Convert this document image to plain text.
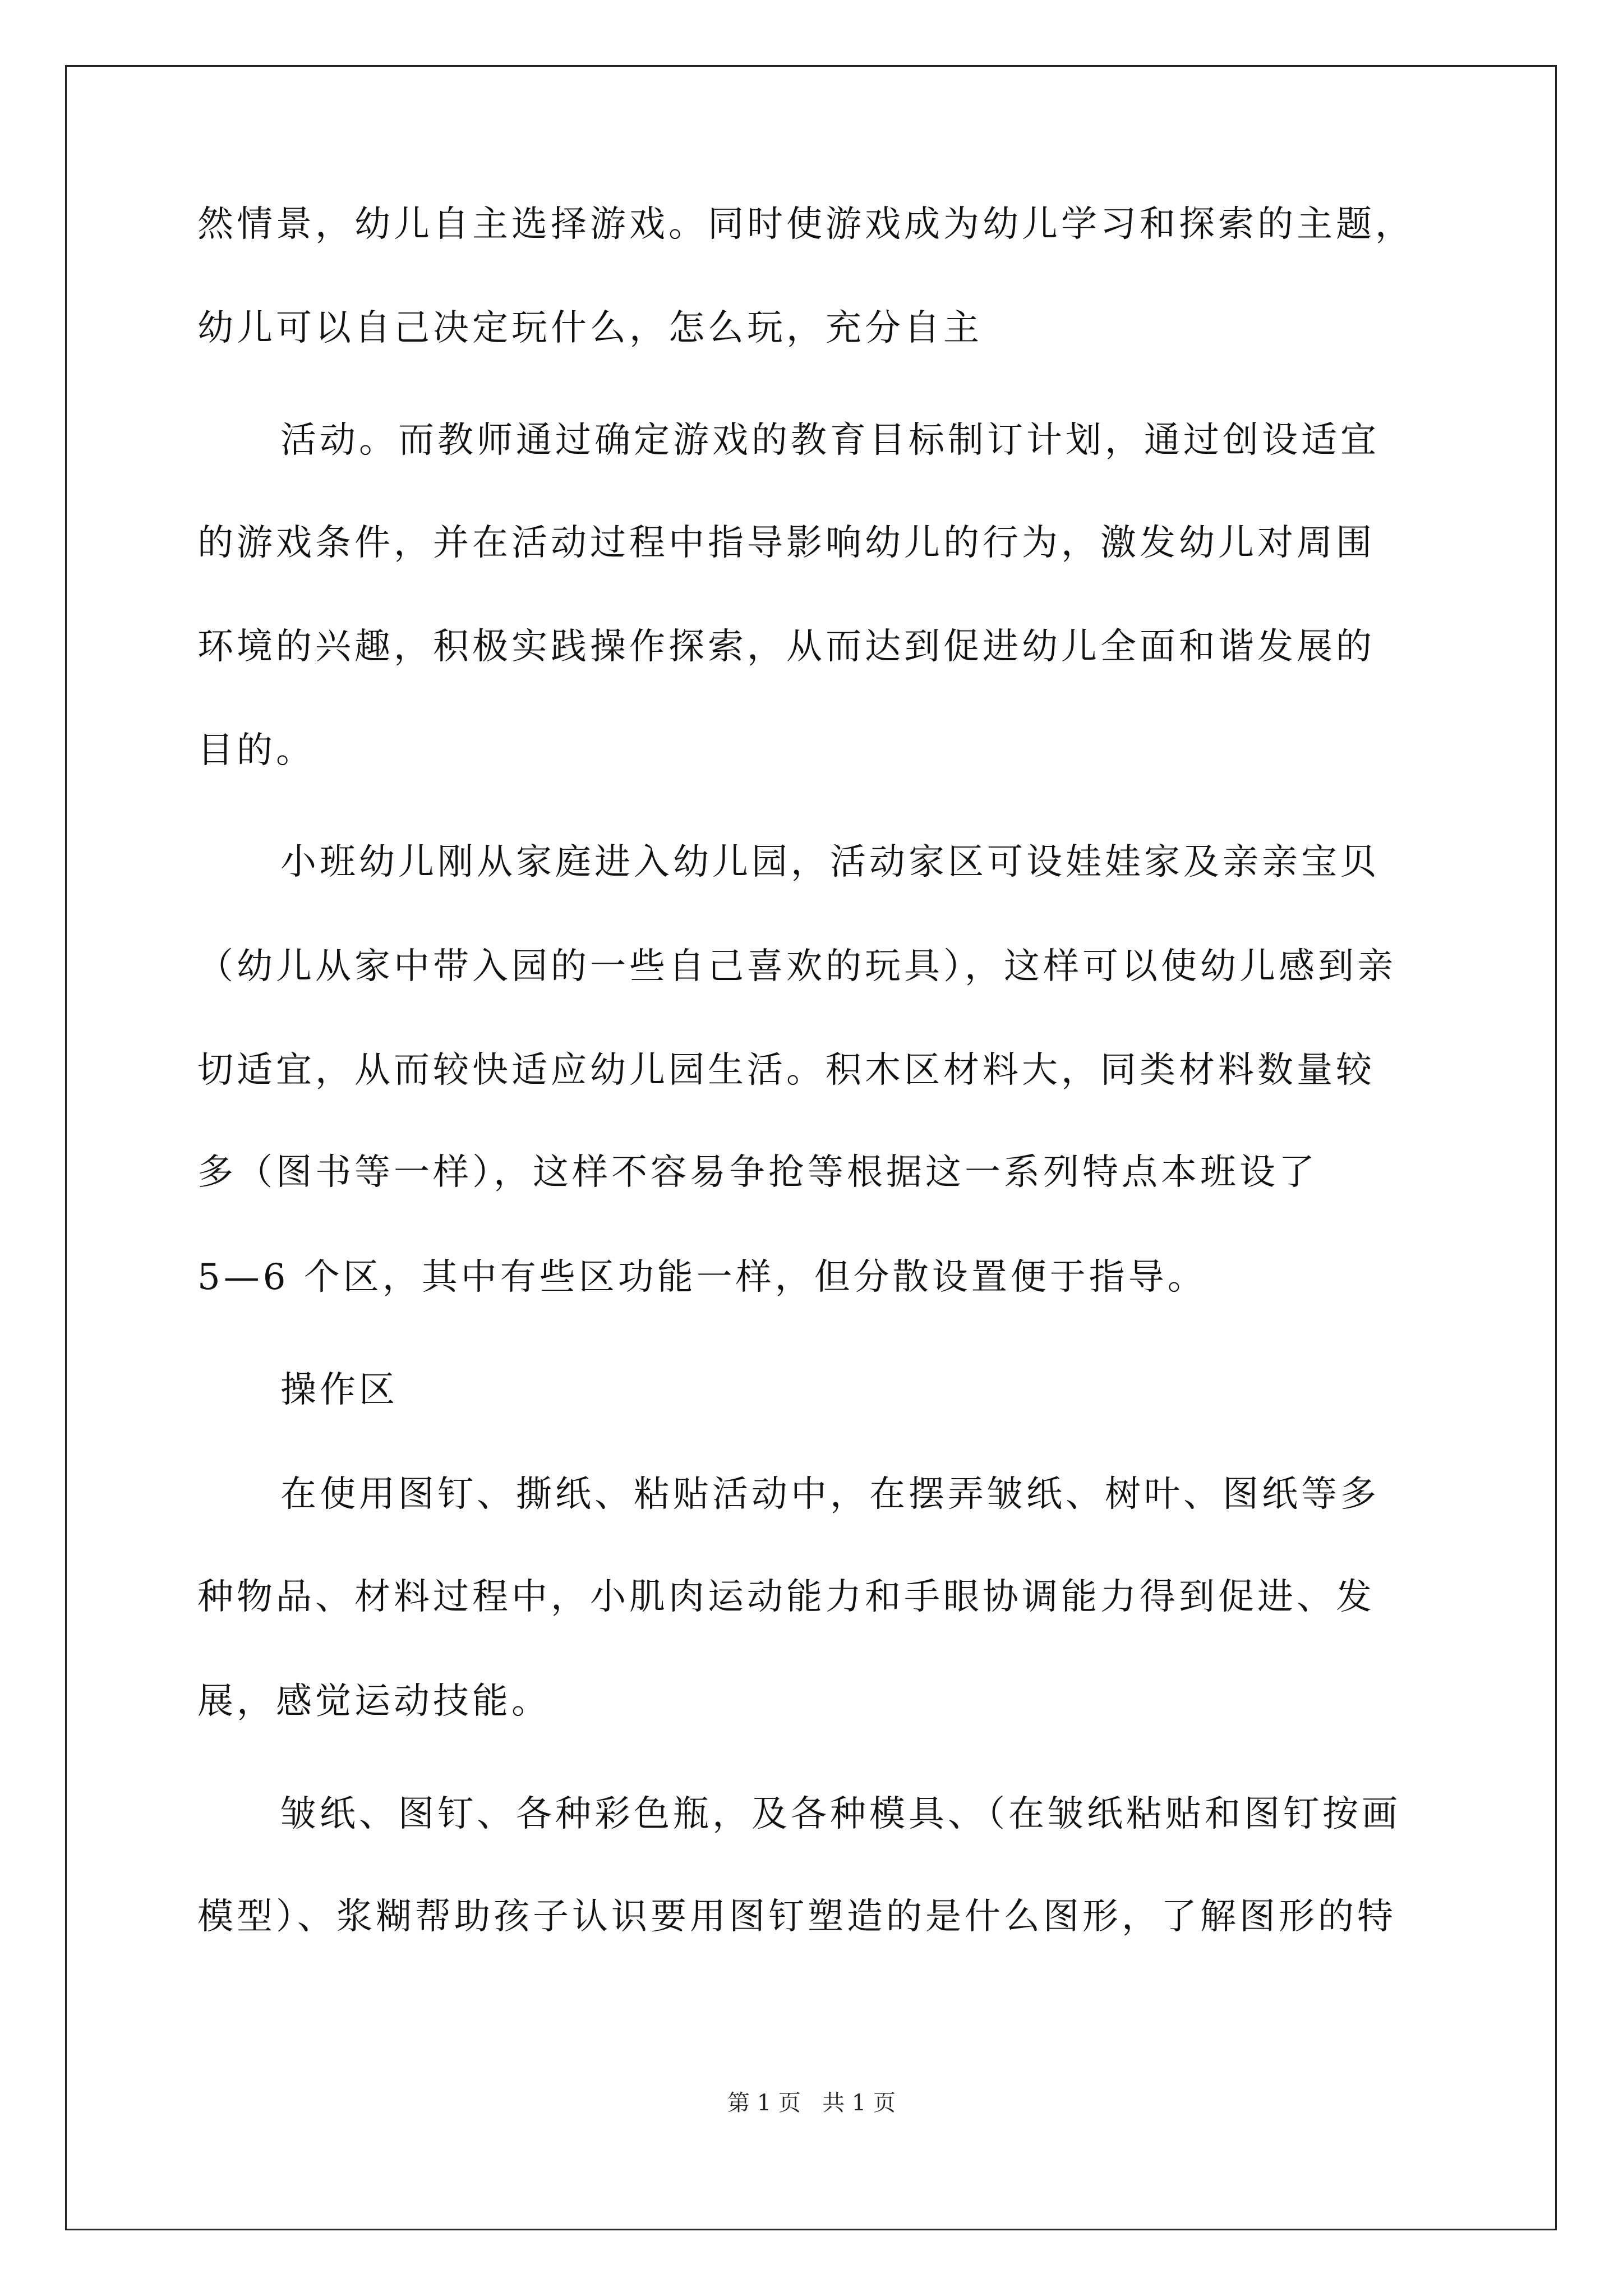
然情景，幼儿自主选择游戏。同时使游戏成为幼儿学习和探索的主题，
幼儿可以自己决定玩什么，怎么玩，充分自主
活动。而教师通过确定游戏的教育目标制订计划，通过创设适宜
的游戏条件，并在活动过程中指导影响幼儿的行为，激发幼儿对周围
环境的兴趣，积极实践操作探索，从而达到促进幼儿全面和谐发展的
目的。
小班幼儿刚从家庭进入幼儿园，活动家区可设娃娃家及亲亲宝贝
（幼儿从家中带入园的一些自己喜欢的玩具），这样可以使幼儿感到亲
切适宜，从而较快适应幼儿园生活。积木区材料大，同类材料数量较
多（图书等一样），这样不容易争抢等根据这一系列特点本班设了
5—6 个区，其中有些区功能一样，但分散设置便于指导。
操作区
在使用图钉、撕纸、粘贴活动中，在摆弄皱纸、树叶、图纸等多
种物品、材料过程中，小肌肉运动能力和手眼协调能力得到促进、发
展，感觉运动技能。
皱纸、图钉、各种彩色瓶，及各种模具、（在皱纸粘贴和图钉按画
模型）、浆糊帮助孩子认识要用图钉塑造的是什么图形，了解图形的特
第 1 页   共 1 页
